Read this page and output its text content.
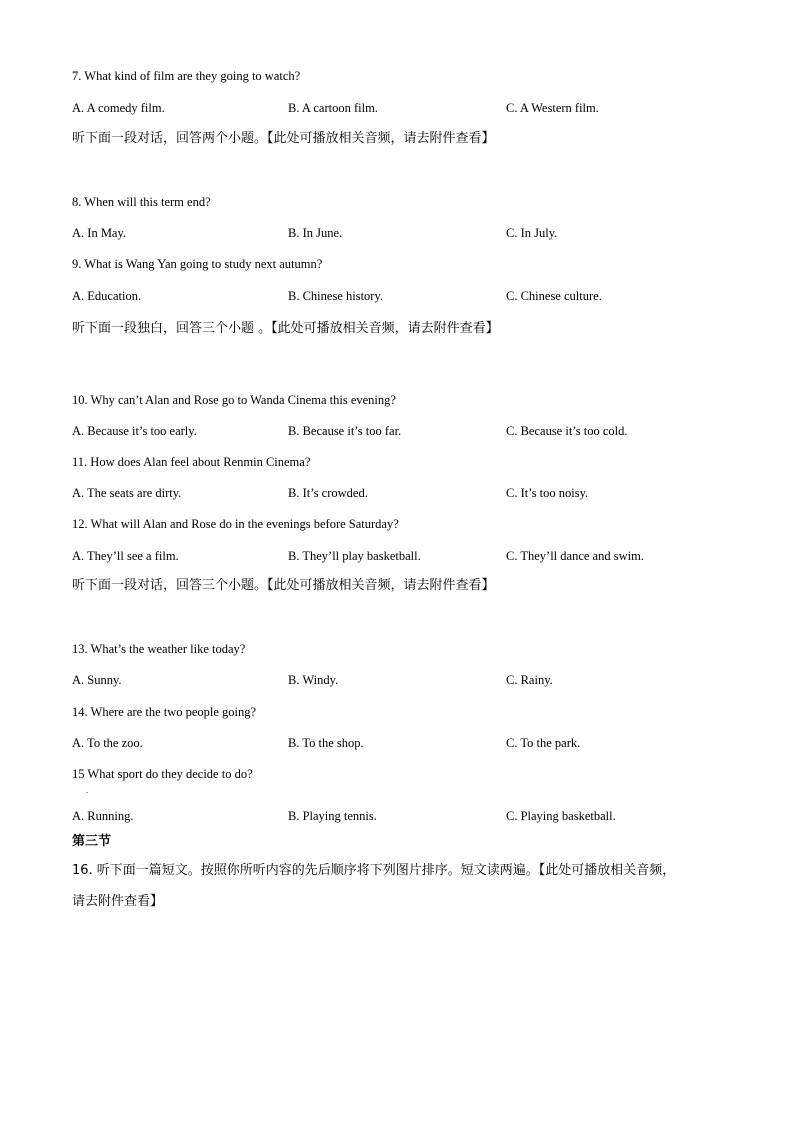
7. What kind of film are they going to watch?
A. A comedy film.	B. A cartoon film.	C. A Western film.
听下面一段对话，回答两个小题。【此处可播放相关音频，请去附件查看】
8. When will this term end?
A. In May.	B. In June.	C. In July.
9. What is Wang Yan going to study next autumn?
A. Education.	B. Chinese history.	C. Chinese culture.
听下面一段独白，回答三个小题 。【此处可播放相关音频，请去附件查看】
10. Why can’t Alan and Rose go to Wanda Cinema this evening?
A. Because it’s too early.	B. Because it’s too far.	C. Because it’s too cold.
11. How does Alan feel about Renmin Cinema?
A. The seats are dirty.	B. It’s crowded.	C. It’s too noisy.
12. What will Alan and Rose do in the evenings before Saturday?
A. They’ll see a film.	B. They’ll play basketball.	C. They’ll dance and swim.
听下面一段对话，回答三个小题。【此处可播放相关音频，请去附件查看】
13. What’s the weather like today?
A. Sunny.	B. Windy.	C. Rainy.
14. Where are the two people going?
A. To the zoo.	B. To the shop.	C. To the park.
15 What sport do they decide to do?
.
A. Running.	B. Playing tennis.	C. Playing basketball.
第三节
16. 听下面一篇短文。按照你所听内容的先后顺序将下列图片排序。短文读两遍。【此处可播放相关音频，
请去附件查看】
